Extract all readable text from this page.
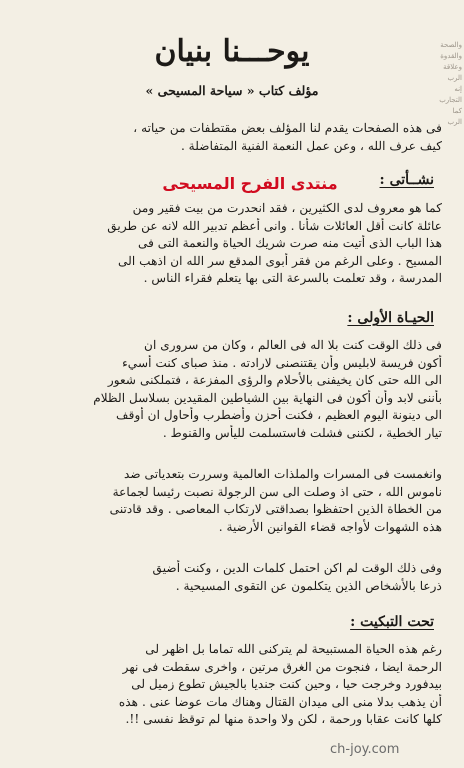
والصحة
والقدوة
وعلاقة
الرب
إنه
التجارب
كما
الرب
يوحـــنا بنيان
مؤلف كتاب « سياحة المسيحى »
فى هذه الصفحات يقدم لنا المؤلف بعض مقتطفات من حياته ،
كيف عرف الله ، وعن عمل النعمة الفنية المتفاضلة .
نشــأتى :
منتدى الفرح المسيحى
كما هو معروف لدى الكثيرين ، فقد انحدرت من بيت فقير ومن
عائلة كانت أقل العائلات شأنا . وانى أعظم تدبير الله لانه عن طريق
هذا الباب الذى أتيت منه صرت شريك الحياة والنعمة التى فى
المسيح . وعلى الرغم من فقر أبوى المدقع سر الله ان اذهب الى
المدرسة ، وقد تعلمت بالسرعة التى بها يتعلم فقراء الناس .
الحيـاة الأولى :
فى ذلك الوقت كنت بلا اله فى العالم ، وكان من سرورى ان
أكون فريسة لابليس وأن يقتنصنى لارادته . منذ صباى كنت أسيء
الى الله حتى كان يخيفنى بالأحلام والرؤى المفزعة ، فتملكنى شعور
بأننى لابد وأن أكون فى النهاية بين الشياطين المقيدين بسلاسل الظلام
الى دينونة اليوم العظيم ، فكنت أحزن وأضطرب وأحاول ان أوقف
تيار الخطية ، لكننى فشلت فاستسلمت لليأس والقنوط .
وانغمست فى المسرات والملذات العالمية وسررت بتعدياتى ضد
ناموس الله ، حتى اذ وصلت الى سن الرجولة نصبت رئيسا لجماعة
من الخطاة الذين احتفظوا بصداقتى لارتكاب المعاصى . وقد قادتنى
هذه الشهوات لأواجه قضاء القوانين الأرضية .
وفى ذلك الوقت لم اكن احتمل كلمات الدين ، وكنت أضيق
ذرعا بالأشخاص الذين يتكلمون عن التقوى المسيحية .
تحت التبكيت :
رغم هذه الحياة المستبيحة لم يتركنى الله تماما بل اظهر لى
الرحمة ايضا ، فنجوت من الغرق مرتين ، واخرى سقطت فى نهر
بيدفورد وخرجت حيا ، وحين كنت جنديا بالجيش تطوع زميل لى
أن يذهب بدلا منى الى ميدان القتال وهناك مات عوضا عنى . هذه
كلها كانت عقابا ورحمة ، لكن ولا واحدة منها لم توقظ نفسى !!.
ch-joy.com
